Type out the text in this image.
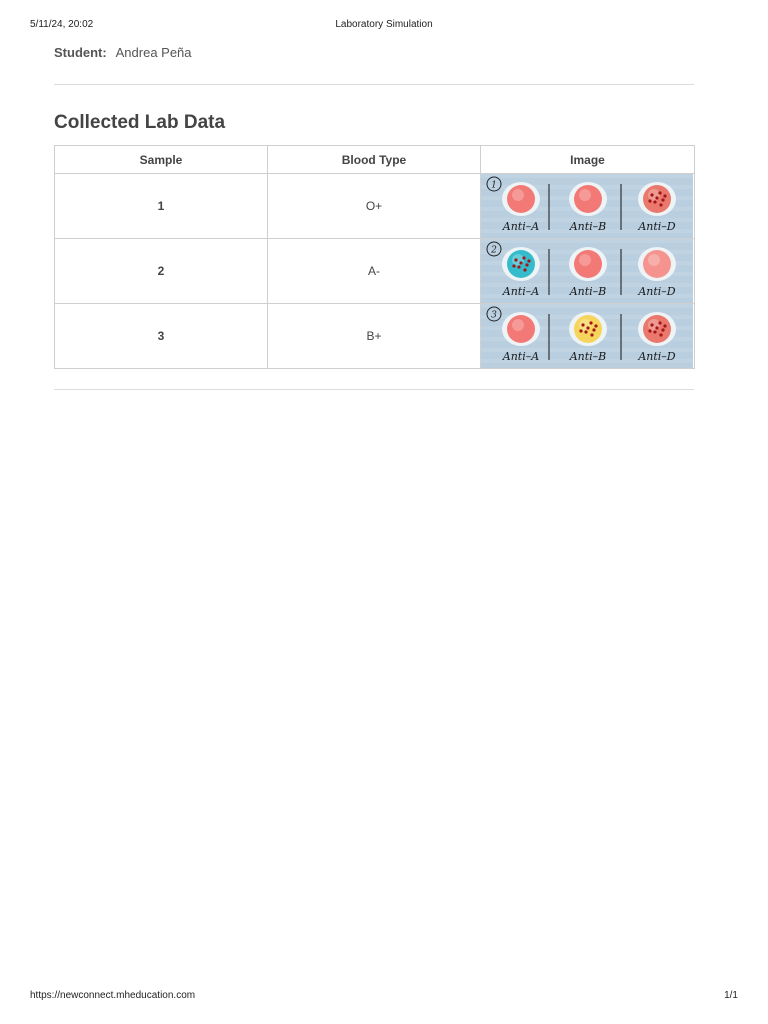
5/11/24, 20:02	Laboratory Simulation
Student: Andrea Peña
Collected Lab Data
Sample	Blood Type	Image
1	O+	1
Anti–A Anti–B Anti–D

2	A-	2
Anti–A Anti–B Anti–D

3	B+	3
Anti–A Anti–B Anti–D
https://newconnect.mheducation.com	1/1
